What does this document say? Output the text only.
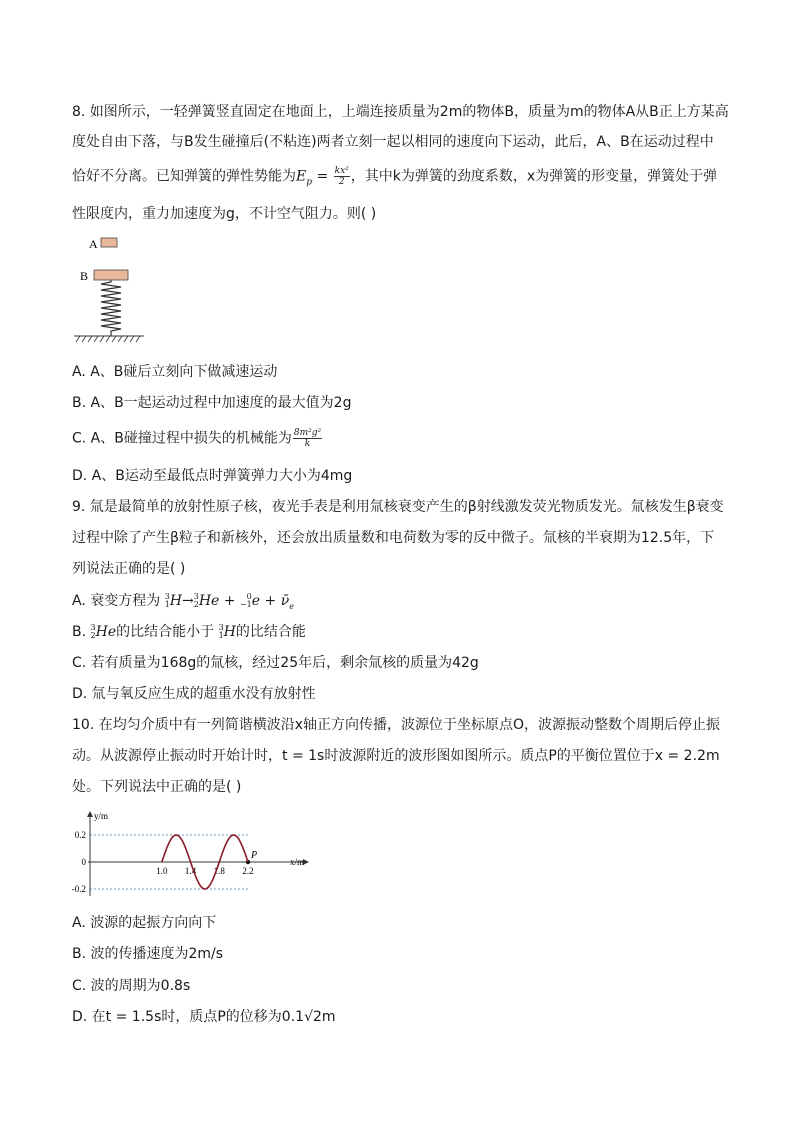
8. 如图所示，一轻弹簧竖直固定在地面上，上端连接质量为2m的物体B，质量为m的物体A从B正上方某高
度处自由下落，与B发生碰撞后(不粘连)两者立刻一起以相同的速度向下运动，此后，A、B在运动过程中
恰好不分离。已知弹簧的弹性势能为$E_p = \frac{\text{kx²}}{2}$ ，其中k为弹簧的劲度系数，x为弹簧的形变量，弹簧处于弹
性限度内，重力加速度为g，不计空气阻力。则( )
A
B
A. A、B碰后立刻向下做减速运动
B. A、B一起运动过程中加速度的最大值为2g
C. A、B碰撞过程中损失的机械能为 $\frac{\text{8m²g²}}{k}$
D. A、B运动至最低点时弹簧弹力大小为4mg
9. 氚是最简单的放射性原子核，夜光手表是利用氚核衰变产生的β射线激发荧光物质发光。氚核发生β衰变
过程中除了产生β粒子和新核外，还会放出质量数和电荷数为零的反中微子。氚核的半衰期为12.5年，下
列说法正确的是( )
A. 衰变方程为 3
1 H→ 3
2 He + 0
−1 $e + \nū_e$
B. 3
2 He的比结合能小于 3
1 H的比结合能
C. 若有质量为168g的氚核，经过25年后，剩余氚核的质量为42g
D. 氚与氧反应生成的超重水没有放射性
10. 在均匀介质中有一列简谐横波沿x轴正方向传播，波源位于坐标原点O，波源振动整数个周期后停止振
动。从波源停止振动时开始计时，t = 1s时波源附近的波形图如图所示。质点P的平衡位置位于x = 2.2m
处。下列说法中正确的是( )
x/m
y/m
0.2
0
-0.2
1.0 1.4 1.8 2.2
P
A. 波源的起振方向向下
B. 波的传播速度为2m/s
C. 波的周期为0.8s
D. 在t = 1.5s时，质点P的位移为0.1√2m
